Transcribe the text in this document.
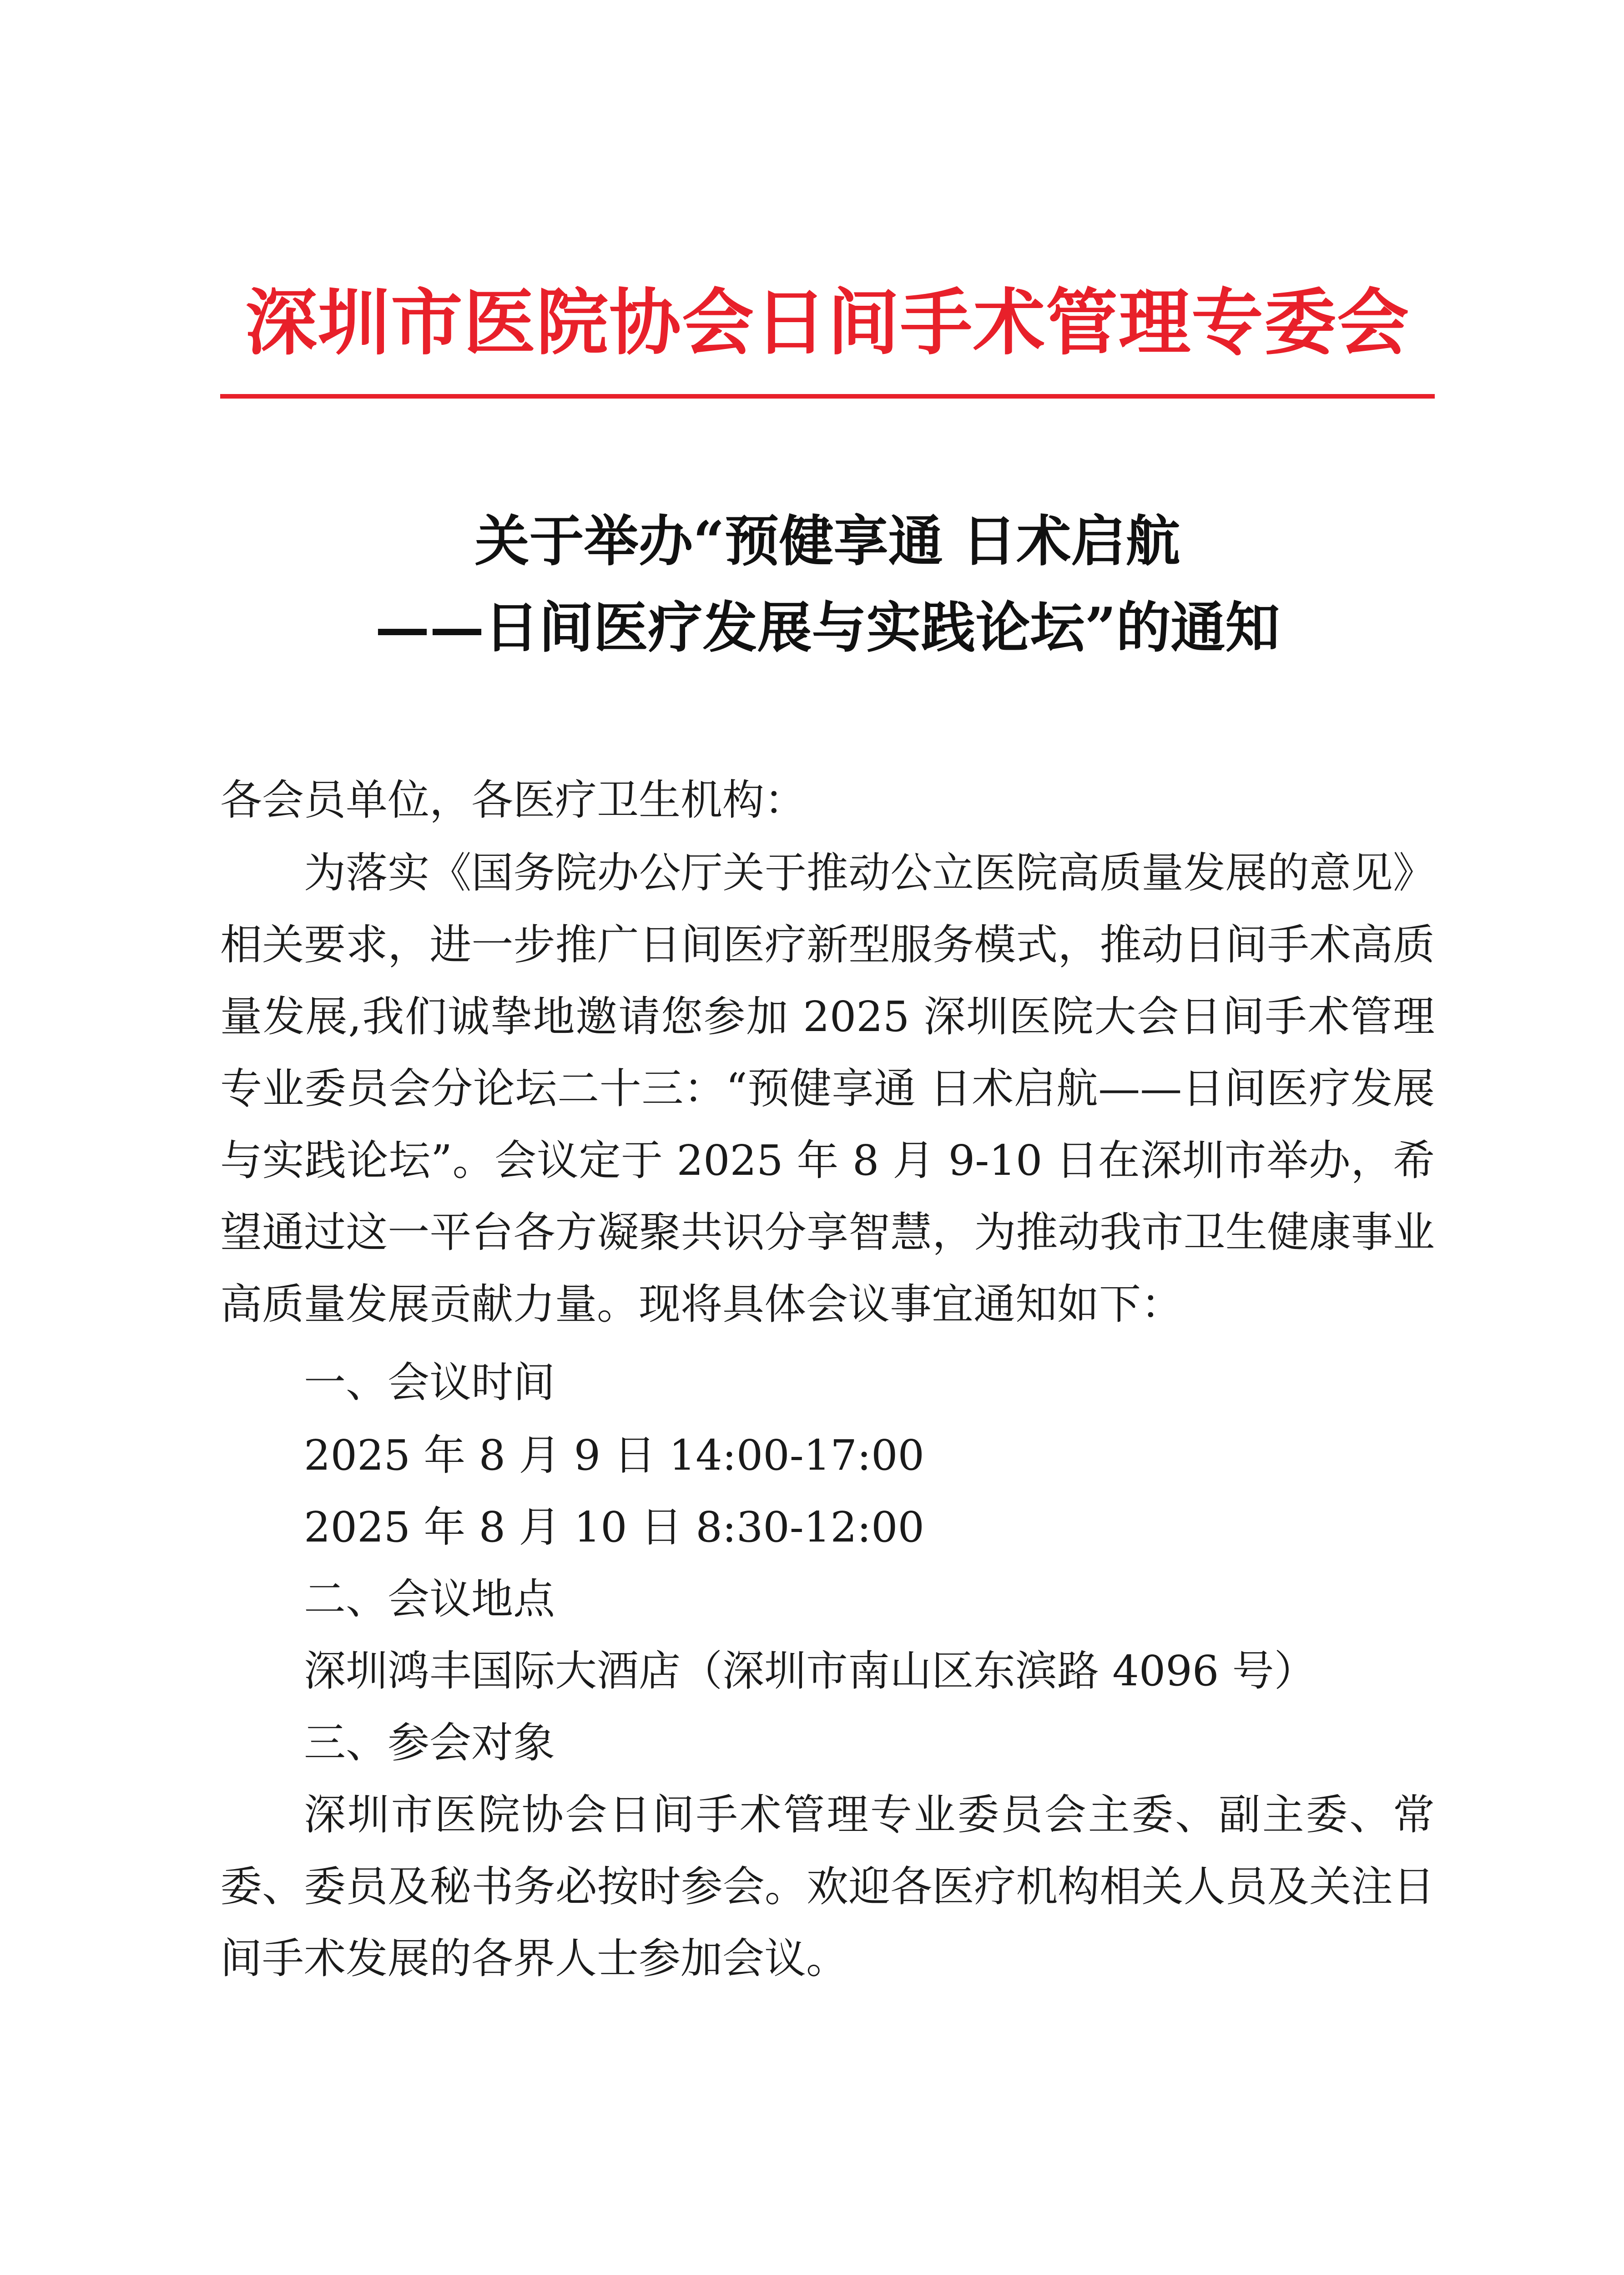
深圳市医院协会日间手术管理专委会
关于举办“预健享通 日术启航
——日间医疗发展与实践论坛”的通知
各会员单位，各医疗卫生机构：
为落实《国务院办公厅关于推动公立医院高质量发展的意见》相关要求，进一步推广日间医疗新型服务模式，推动日间手术高质量发展,我们诚挚地邀请您参加 2025 深圳医院大会日间手术管理专业委员会分论坛二十三：“预健享通 日术启航——日间医疗发展与实践论坛”。会议定于 2025 年 8 月 9-10 日在深圳市举办，希望通过这一平台各方凝聚共识分享智慧，为推动我市卫生健康事业高质量发展贡献力量。现将具体会议事宜通知如下：
一、会议时间
2025 年 8 月 9 日 14:00-17:00
2025 年 8 月 10 日 8:30-12:00
二、会议地点
深圳鸿丰国际大酒店（深圳市南山区东滨路 4096 号）
三、参会对象
深圳市医院协会日间手术管理专业委员会主委、副主委、常委、委员及秘书务必按时参会。欢迎各医疗机构相关人员及关注日间手术发展的各界人士参加会议。
